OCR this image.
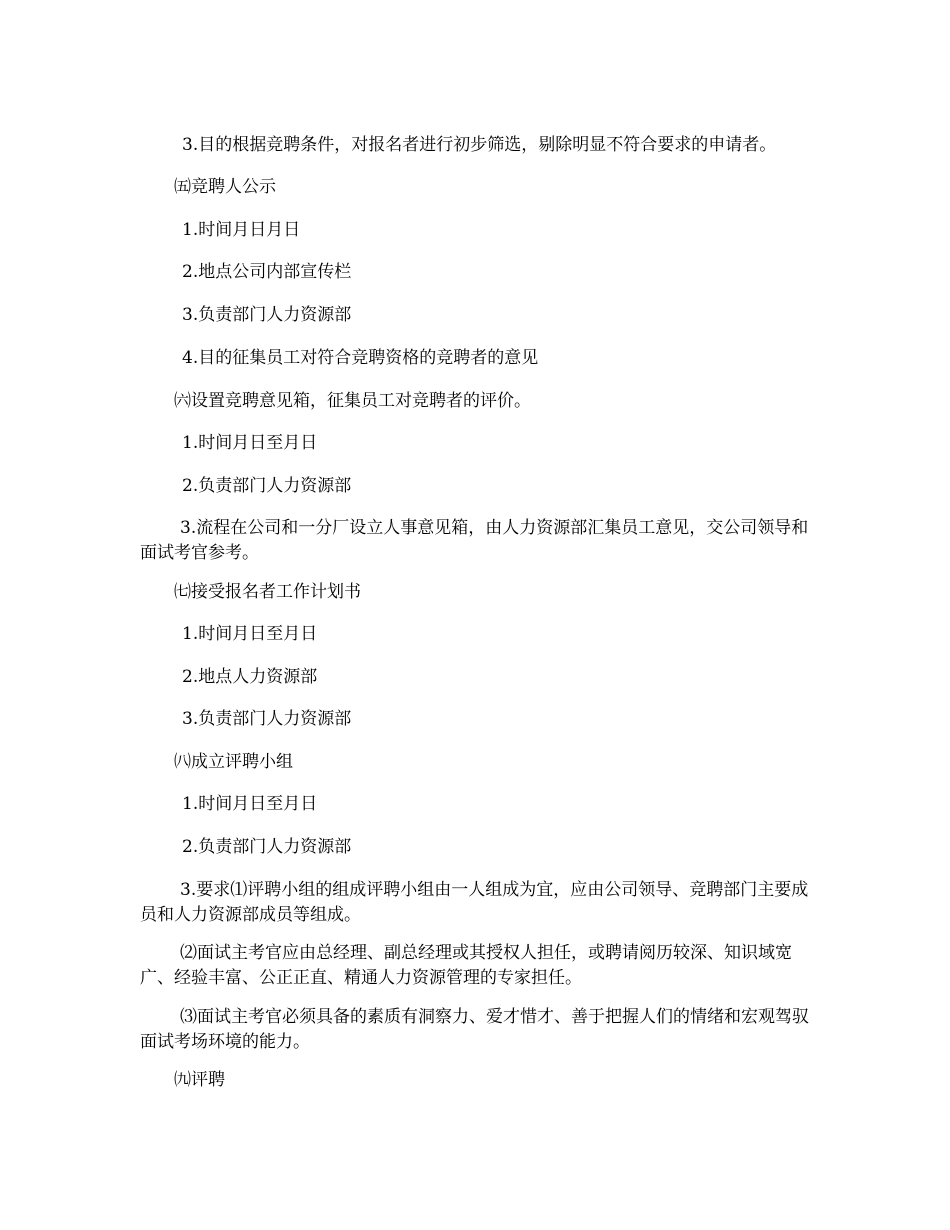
3.目的根据竞聘条件，对报名者进行初步筛选，剔除明显不符合要求的申请者。

㈤竞聘人公示

1.时间月日月日

2.地点公司内部宣传栏

3.负责部门人力资源部

4.目的征集员工对符合竞聘资格的竞聘者的意见

㈥设置竞聘意见箱，征集员工对竞聘者的评价。

1.时间月日至月日

2.负责部门人力资源部

3.流程在公司和一分厂设立人事意见箱，由人力资源部汇集员工意见，交公司领导和面试考官参考。

㈦接受报名者工作计划书

1.时间月日至月日

2.地点人力资源部

3.负责部门人力资源部

㈧成立评聘小组

1.时间月日至月日

2.负责部门人力资源部

3.要求⑴评聘小组的组成评聘小组由一人组成为宜，应由公司领导、竞聘部门主要成员和人力资源部成员等组成。

⑵面试主考官应由总经理、副总经理或其授权人担任，或聘请阅历较深、知识域宽广、经验丰富、公正正直、精通人力资源管理的专家担任。

⑶面试主考官必须具备的素质有洞察力、爱才惜才、善于把握人们的情绪和宏观驾驭面试考场环境的能力。

㈨评聘
